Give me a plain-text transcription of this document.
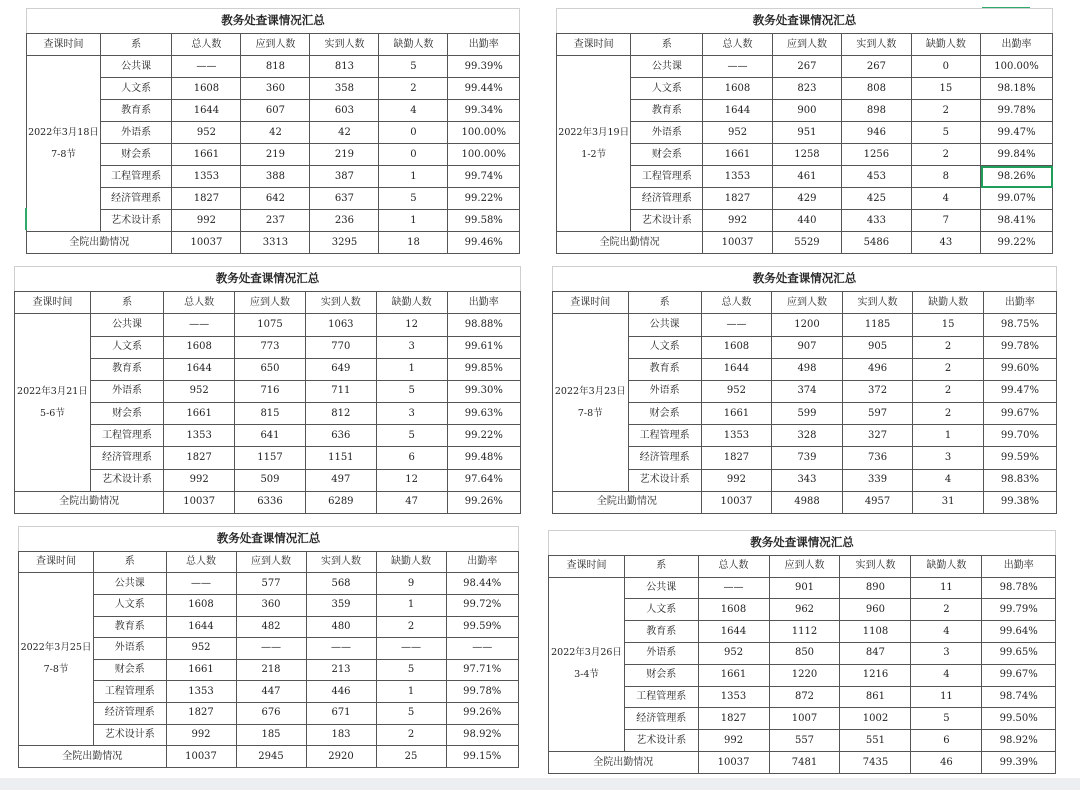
教务处查课情况汇总						
查课时间	系	总人数	应到人数	实到人数	缺勤人数	出勤率

2022年3月18日
7-8节	公共课	——	818	813	5	99.39%
	人文系	1608	360	358	2	99.44%
	教育系	1644	607	603	4	99.34%
	外语系	952	42	42	0	100.00%
	财会系	1661	219	219	0	100.00%
	工程管理系	1353	388	387	1	99.74%
	经济管理系	1827	642	637	5	99.22%
	艺术设计系	992	237	236	1	99.58%
全院出勤情况		10037	3313	3295	18	99.46%
教务处查课情况汇总						
查课时间	系	总人数	应到人数	实到人数	缺勤人数	出勤率

2022年3月19日
1-2节	公共课	——	267	267	0	100.00%
	人文系	1608	823	808	15	98.18%
	教育系	1644	900	898	2	99.78%
	外语系	952	951	946	5	99.47%
	财会系	1661	1258	1256	2	99.84%
	工程管理系	1353	461	453	8	98.26%
	经济管理系	1827	429	425	4	99.07%
	艺术设计系	992	440	433	7	98.41%
全院出勤情况		10037	5529	5486	43	99.22%
教务处查课情况汇总						
查课时间	系	总人数	应到人数	实到人数	缺勤人数	出勤率

2022年3月21日
5-6节	公共课	——	1075	1063	12	98.88%
	人文系	1608	773	770	3	99.61%
	教育系	1644	650	649	1	99.85%
	外语系	952	716	711	5	99.30%
	财会系	1661	815	812	3	99.63%
	工程管理系	1353	641	636	5	99.22%
	经济管理系	1827	1157	1151	6	99.48%
	艺术设计系	992	509	497	12	97.64%
全院出勤情况		10037	6336	6289	47	99.26%
教务处查课情况汇总						
查课时间	系	总人数	应到人数	实到人数	缺勤人数	出勤率

2022年3月23日
7-8节	公共课	——	1200	1185	15	98.75%
	人文系	1608	907	905	2	99.78%
	教育系	1644	498	496	2	99.60%
	外语系	952	374	372	2	99.47%
	财会系	1661	599	597	2	99.67%
	工程管理系	1353	328	327	1	99.70%
	经济管理系	1827	739	736	3	99.59%
	艺术设计系	992	343	339	4	98.83%
全院出勤情况		10037	4988	4957	31	99.38%
教务处查课情况汇总						
查课时间	系	总人数	应到人数	实到人数	缺勤人数	出勤率

2022年3月25日
7-8节	公共课	——	577	568	9	98.44%
	人文系	1608	360	359	1	99.72%
	教育系	1644	482	480	2	99.59%
	外语系	952	——	——	——	——
	财会系	1661	218	213	5	97.71%
	工程管理系	1353	447	446	1	99.78%
	经济管理系	1827	676	671	5	99.26%
	艺术设计系	992	185	183	2	98.92%
全院出勤情况		10037	2945	2920	25	99.15%
教务处查课情况汇总						
查课时间	系	总人数	应到人数	实到人数	缺勤人数	出勤率

2022年3月26日
3-4节	公共课	——	901	890	11	98.78%
	人文系	1608	962	960	2	99.79%
	教育系	1644	1112	1108	4	99.64%
	外语系	952	850	847	3	99.65%
	财会系	1661	1220	1216	4	99.67%
	工程管理系	1353	872	861	11	98.74%
	经济管理系	1827	1007	1002	5	99.50%
	艺术设计系	992	557	551	6	98.92%
全院出勤情况		10037	7481	7435	46	99.39%
